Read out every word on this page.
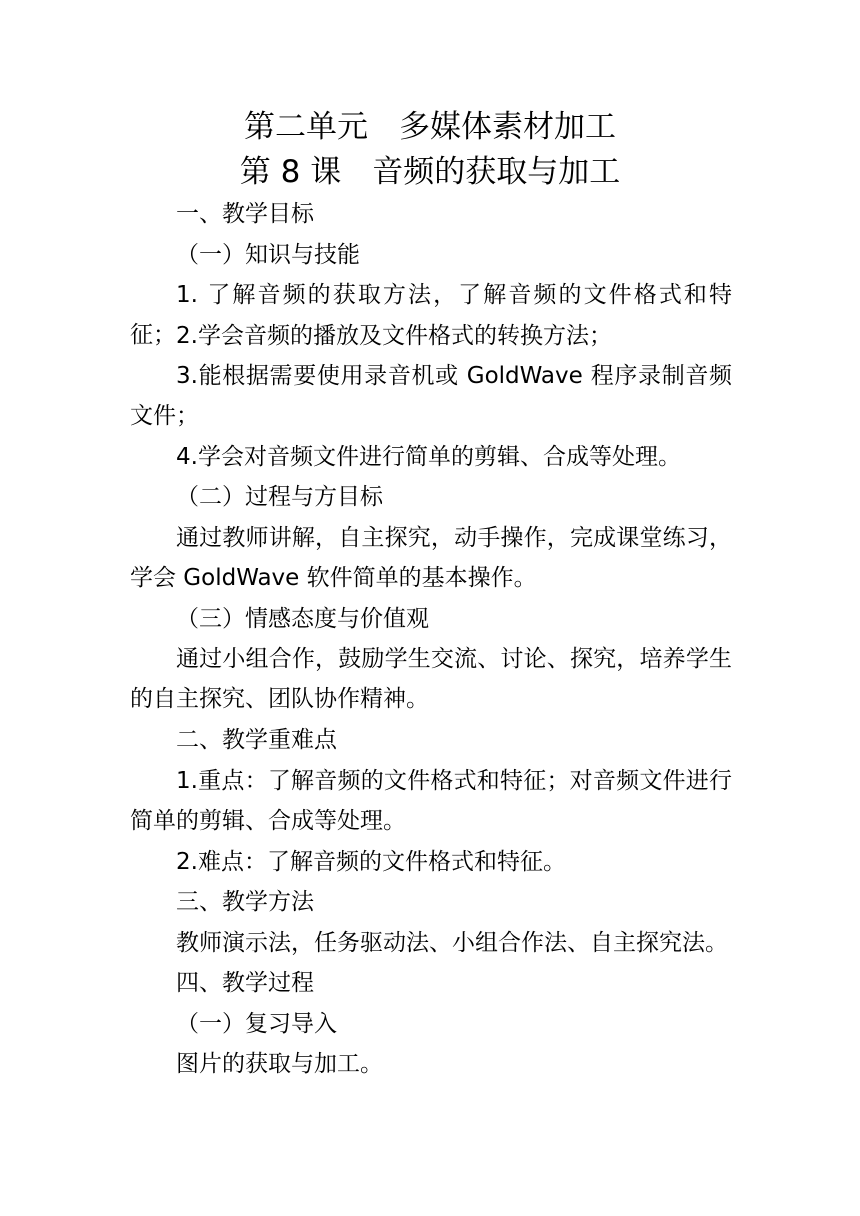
第二单元　多媒体素材加工
第 8 课　音频的获取与加工
一、教学目标
（一）知识与技能
1. 了解音频的获取方法，了解音频的文件格式和特征； 2.学会音频的播放及文件格式的转换方法；
3.能根据需要使用录音机或 GoldWave 程序录制音频文件；
4.学会对音频文件进行简单的剪辑、合成等处理。
（二）过程与方目标
通过教师讲解，自主探究，动手操作，完成课堂练习，学会 GoldWave 软件简单的基本操作。
（三）情感态度与价值观
通过小组合作，鼓励学生交流、讨论、探究，培养学生的自主探究、团队协作精神。
二、教学重难点
1.重点：了解音频的文件格式和特征；对音频文件进行简单的剪辑、合成等处理。
2.难点：了解音频的文件格式和特征。
三、教学方法
教师演示法，任务驱动法、小组合作法、自主探究法。
四、教学过程
（一）复习导入
图片的获取与加工。
